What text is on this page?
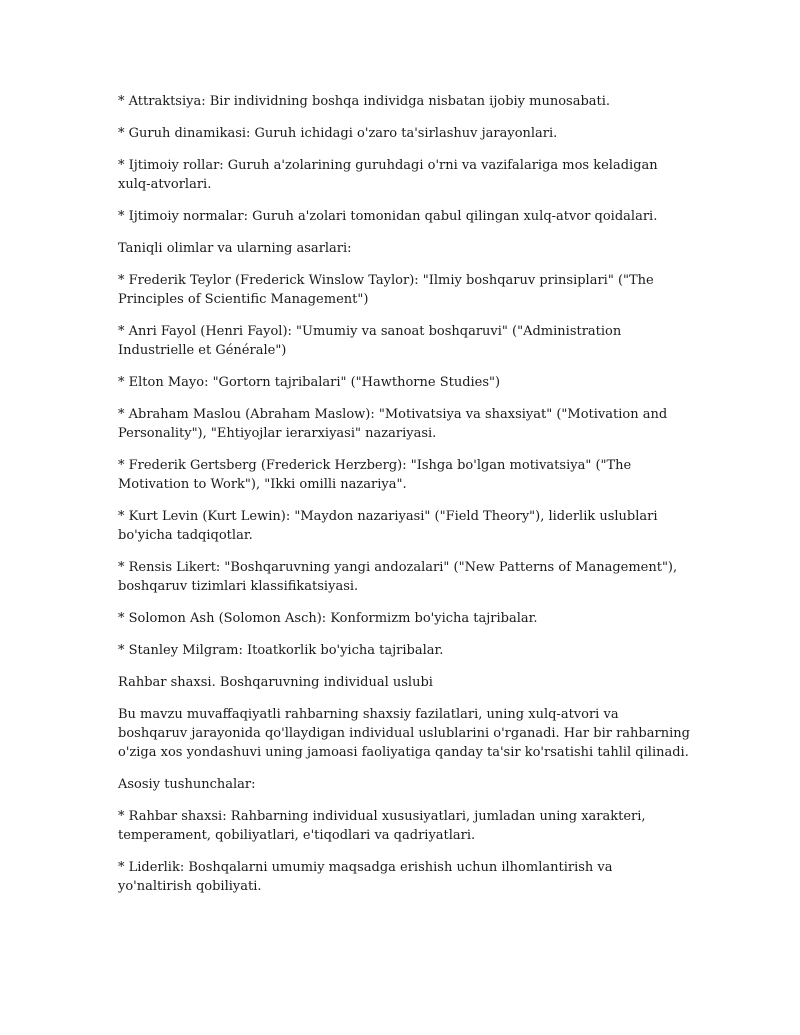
* Attraktsiya: Bir individning boshqa individga nisbatan ijobiy munosabati.

* Guruh dinamikasi: Guruh ichidagi o'zaro ta'sirlashuv jarayonlari.

* Ijtimoiy rollar: Guruh a'zolarining guruhdagi o'rni va vazifalariga mos keladigan xulq-atvorlari.

* Ijtimoiy normalar: Guruh a'zolari tomonidan qabul qilingan xulq-atvor qoidalari.

Taniqli olimlar va ularning asarlari:

* Frederik Teylor (Frederick Winslow Taylor): "Ilmiy boshqaruv prinsiplari" ("The Principles of Scientific Management")

* Anri Fayol (Henri Fayol): "Umumiy va sanoat boshqaruvi" ("Administration Industrielle et Générale")

* Elton Mayo: "Gortorn tajribalari" ("Hawthorne Studies")

* Abraham Maslou (Abraham Maslow): "Motivatsiya va shaxsiyat" ("Motivation and Personality"), "Ehtiyojlar ierarxiyasi" nazariyasi.

* Frederik Gertsberg (Frederick Herzberg): "Ishga bo'lgan motivatsiya" ("The Motivation to Work"), "Ikki omilli nazariya".

* Kurt Levin (Kurt Lewin): "Maydon nazariyasi" ("Field Theory"), liderlik uslublari bo'yicha tadqiqotlar.

* Rensis Likert: "Boshqaruvning yangi andozalari" ("New Patterns of Management"), boshqaruv tizimlari klassifikatsiyasi.

* Solomon Ash (Solomon Asch): Konformizm bo'yicha tajribalar.

* Stanley Milgram: Itoatkorlik bo'yicha tajribalar.

Rahbar shaxsi. Boshqaruvning individual uslubi

Bu mavzu muvaffaqiyatli rahbarning shaxsiy fazilatlari, uning xulq-atvori va boshqaruv jarayonida qo'llaydigan individual uslublarini o'rganadi. Har bir rahbarning o'ziga xos yondashuvi uning jamoasi faoliyatiga qanday ta'sir ko'rsatishi tahlil qilinadi.

Asosiy tushunchalar:

* Rahbar shaxsi: Rahbarning individual xususiyatlari, jumladan uning xarakteri, temperament, qobiliyatlari, e'tiqodlari va qadriyatlari.

* Liderlik: Boshqalarni umumiy maqsadga erishish uchun ilhomlantirish va yo'naltirish qobiliyati.
